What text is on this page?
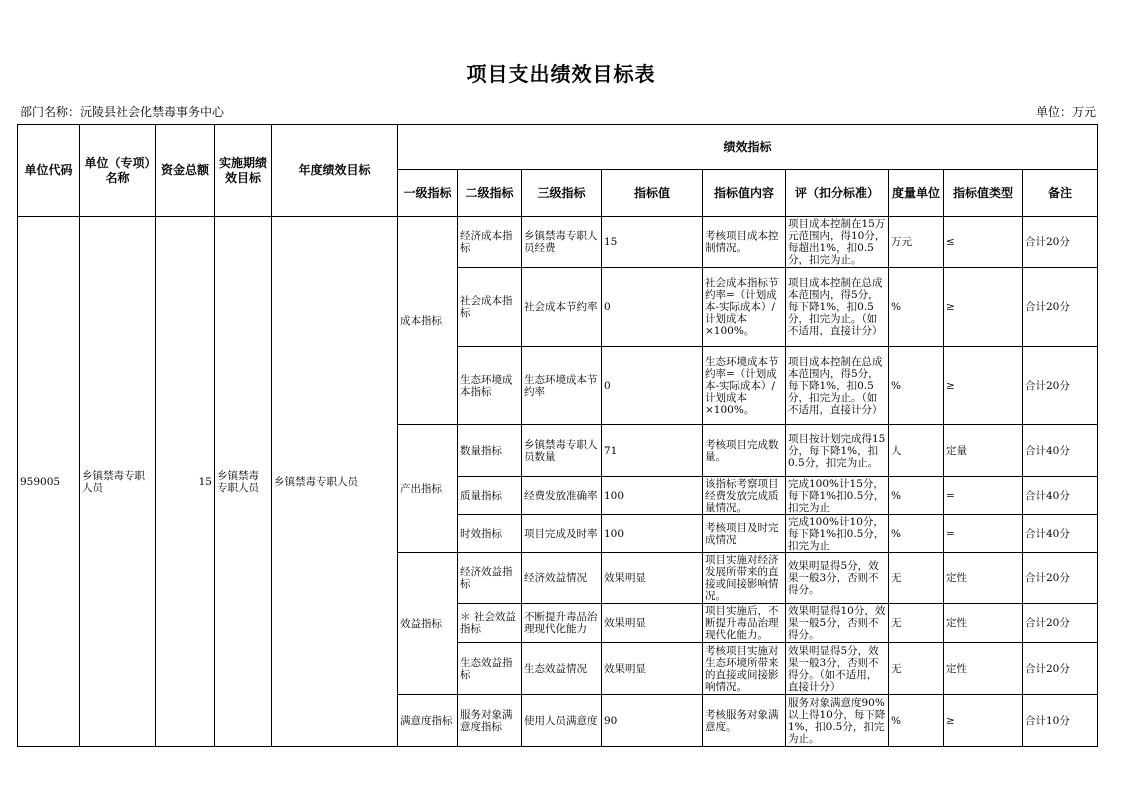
项目支出绩效目标表
部门名称：沅陵县社会化禁毒事务中心	单位：万元
单位代码	单位（专项）名称	资金总额	实施期绩效目标	年度绩效目标	绩效指标								
					一级指标	二级指标	三级指标	指标值	指标值内容	评（扣分标准）	度量单位	指标值类型	备注
959005	乡镇禁毒专职人员	15	乡镇禁毒专职人员	乡镇禁毒专职人员	成本指标	经济成本指标	乡镇禁毒专职人员经费	15	考核项目成本控制情况。	项目成本控制在15万元范围内，得10分，每超出1%，扣0.5分，扣完为止。	万元	≤	合计20分
						社会成本指标	社会成本节约率	0	社会成本指标节约率=（计划成本-实际成本）/计划成本×100%。	项目成本控制在总成本范围内，得5分，每下降1%，扣0.5分，扣完为止。（如不适用，直接计分）	%	≥	合计20分
						生态环境成本指标	生态环境成本节约率	0	生态环境成本节约率=（计划成本-实际成本）/计划成本×100%。	项目成本控制在总成本范围内，得5分，每下降1%，扣0.5分，扣完为止。（如不适用，直接计分）	%	≥	合计20分
					产出指标	数量指标	乡镇禁毒专职人员数量	71	考核项目完成数量。	项目按计划完成得15分，每下降1%，扣0.5分，扣完为止。	人	定量	合计40分
						质量指标	经费发放准确率	100	该指标考察项目经费发放完成质量情况。	完成100%计15分，每下降1%扣0.5分，扣完为止	%	=	合计40分
						时效指标	项目完成及时率	100	考核项目及时完成情况	完成100%计10分，每下降1%扣0.5分，扣完为止	%	=	合计40分
					效益指标	经济效益指标	经济效益情况	效果明显	项目实施对经济发展所带来的直接或间接影响情况。	效果明显得5分，效果一般3分，否则不得分。	无	定性	合计20分
						＊ 社会效益指标	不断提升毒品治理现代化能力	效果明显	项目实施后，不断提升毒品治理现代化能力。	效果明显得10分，效果一般5分，否则不得分。	无	定性	合计20分
						生态效益指标	生态效益情况	效果明显	考核项目实施对生态环境所带来的直接或间接影响情况。	效果明显得5分，效果一般3分，否则不得分。（如不适用，直接计分）	无	定性	合计20分
					满意度指标	服务对象满意度指标	使用人员满意度	90	考核服务对象满意度。	服务对象满意度90%以上得10分，每下降1%，扣0.5分，扣完为止。	%	≥	合计10分
